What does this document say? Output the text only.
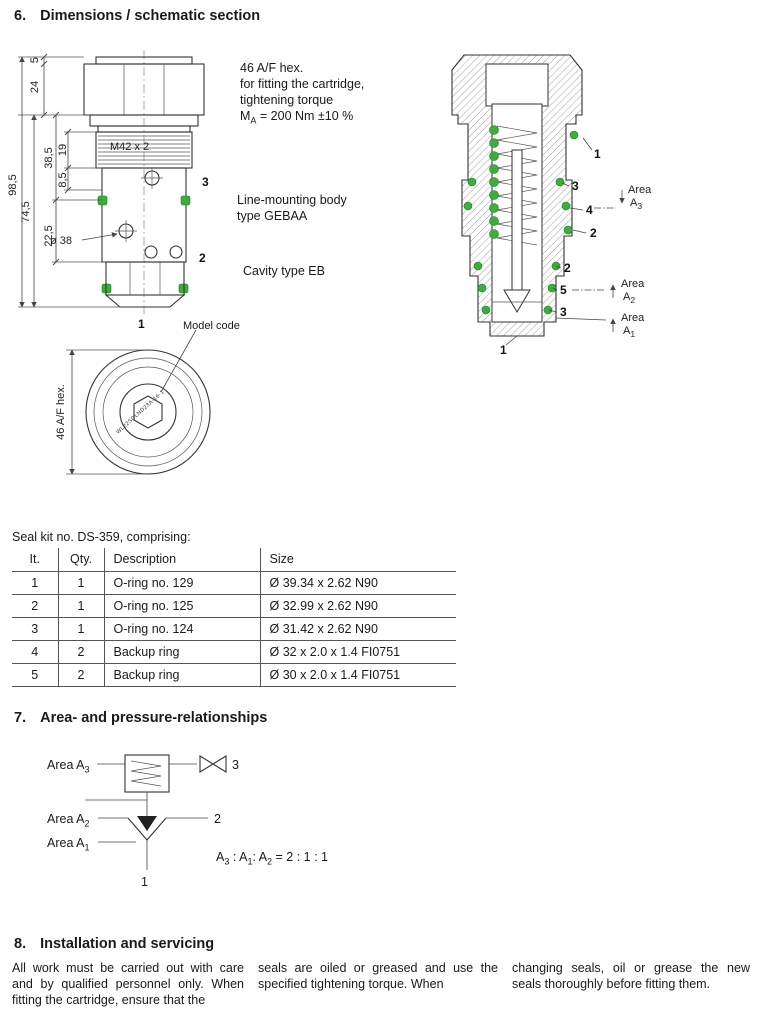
6. Dimensions / schematic section
5
24
38,5 19
8,5
98,5
74,5
22,5
ø 38
M42 x 2
3
2
1
WL22SDLND23A-16-1
46 A/F hex.
1
3
4
2
2
5
3
1
Area
$A_3$
Area
$A_2$
Area
$A_1$
46 A/F hex.
for fitting the cartridge,
tightening torque
$M_A = 200$ Nm ±10 %
Line-mounting body
type GEBAA
Cavity type EB
Model code
Seal kit no. DS-359, comprising:
It.	Qty.	Description	Size
1	1	O-ring no. 129	Ø 39.34 x 2.62 N90
2	1	O-ring no. 125	Ø 32.99 x 2.62 N90
3	1	O-ring no. 124	Ø 31.42 x 2.62 N90
4	2	Backup ring	Ø 32 x 2.0 x 1.4 FI0751
5	2	Backup ring	Ø 30 x 2.0 x 1.4 FI0751
7. Area- and pressure-relationships
Area $A_3$
Area $A_2$
Area $A_1$
3
2
1
$A_3$ : $A_1$: $A_2 = 2$ : 1 : 1
8. Installation and servicing
All work must be carried out with care and by qualified personnel only. When fitting the cartridge, ensure that the
seals are oiled or greased and use the specified tightening torque. When
changing seals, oil or grease the new seals thoroughly before fitting them.
